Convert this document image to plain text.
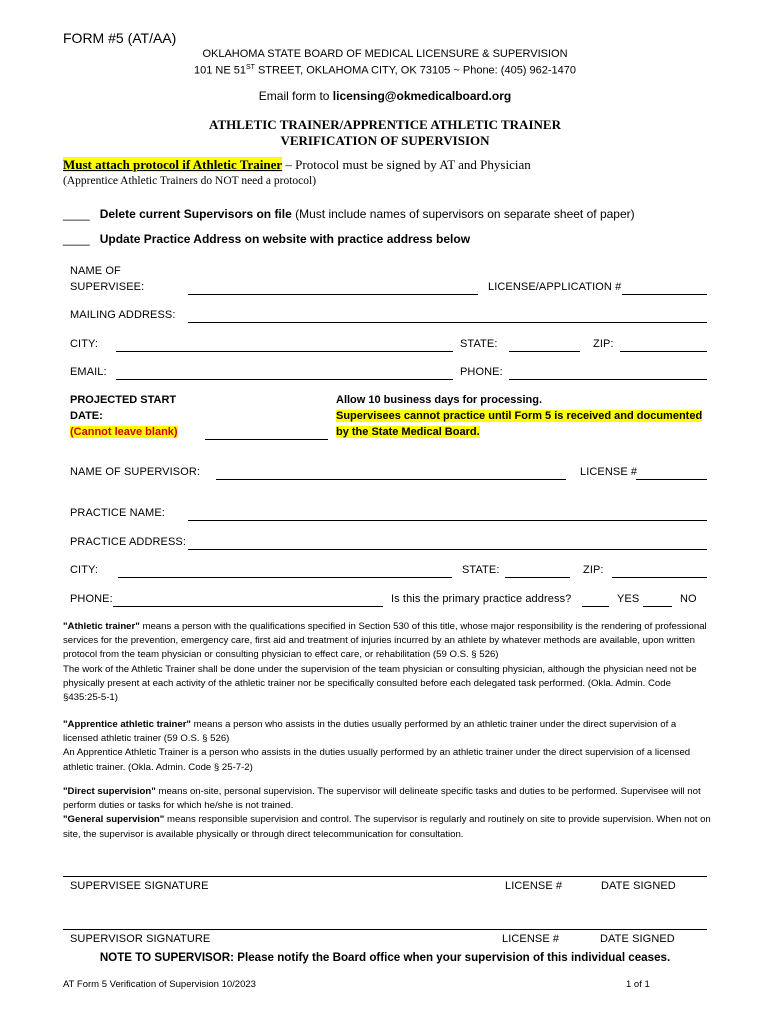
FORM #5 (AT/AA)
OKLAHOMA STATE BOARD OF MEDICAL LICENSURE & SUPERVISION
101 NE 51ST STREET, OKLAHOMA CITY, OK 73105 ~ Phone: (405) 962-1470
Email form to licensing@okmedicalboard.org
ATHLETIC TRAINER/APPRENTICE ATHLETIC TRAINER
VERIFICATION OF SUPERVISION
Must attach protocol if Athletic Trainer – Protocol must be signed by AT and Physician
(Apprentice Athletic Trainers do NOT need a protocol)
____ Delete current Supervisors on file (Must include names of supervisors on separate sheet of paper)
____ Update Practice Address on website with practice address below
NAME OF
SUPERVISEE:	LICENSE/APPLICATION #
MAILING ADDRESS:
CITY:	STATE:	ZIP:
EMAIL:	PHONE:
PROJECTED START
DATE:
(Cannot leave blank)
Allow 10 business days for processing.
Supervisees cannot practice until Form 5 is received and documented
by the State Medical Board.
NAME OF SUPERVISOR:	LICENSE #
PRACTICE NAME:
PRACTICE ADDRESS:
CITY:	STATE:	ZIP:
PHONE:	Is this the primary practice address?	YES	NO
"Athletic trainer" means a person with the qualifications specified in Section 530 of this title, whose major responsibility is the rendering of professional services for the prevention, emergency care, first aid and treatment of injuries incurred by an athlete by whatever methods are available, upon written protocol from the team physician or consulting physician to effect care, or rehabilitation (59 O.S. § 526)
The work of the Athletic Trainer shall be done under the supervision of the team physician or consulting physician, although the physician need not be physically present at each activity of the athletic trainer nor be specifically consulted before each delegated task performed. (Okla. Admin. Code §435:25-5-1)
"Apprentice athletic trainer" means a person who assists in the duties usually performed by an athletic trainer under the direct supervision of a licensed athletic trainer (59 O.S. § 526)
An Apprentice Athletic Trainer is a person who assists in the duties usually performed by an athletic trainer under the direct supervision of a licensed athletic trainer. (Okla. Admin. Code § 25-7-2)
"Direct supervision" means on-site, personal supervision. The supervisor will delineate specific tasks and duties to be performed. Supervisee will not perform duties or tasks for which he/she is not trained.
"General supervision" means responsible supervision and control. The supervisor is regularly and routinely on site to provide supervision. When not on site, the supervisor is available physically or through direct telecommunication for consultation.
SUPERVISEE SIGNATURE	LICENSE #	DATE SIGNED
SUPERVISOR SIGNATURE	LICENSE #	DATE SIGNED
NOTE TO SUPERVISOR: Please notify the Board office when your supervision of this individual ceases.
AT Form 5 Verification of Supervision 10/2023	1 of 1
